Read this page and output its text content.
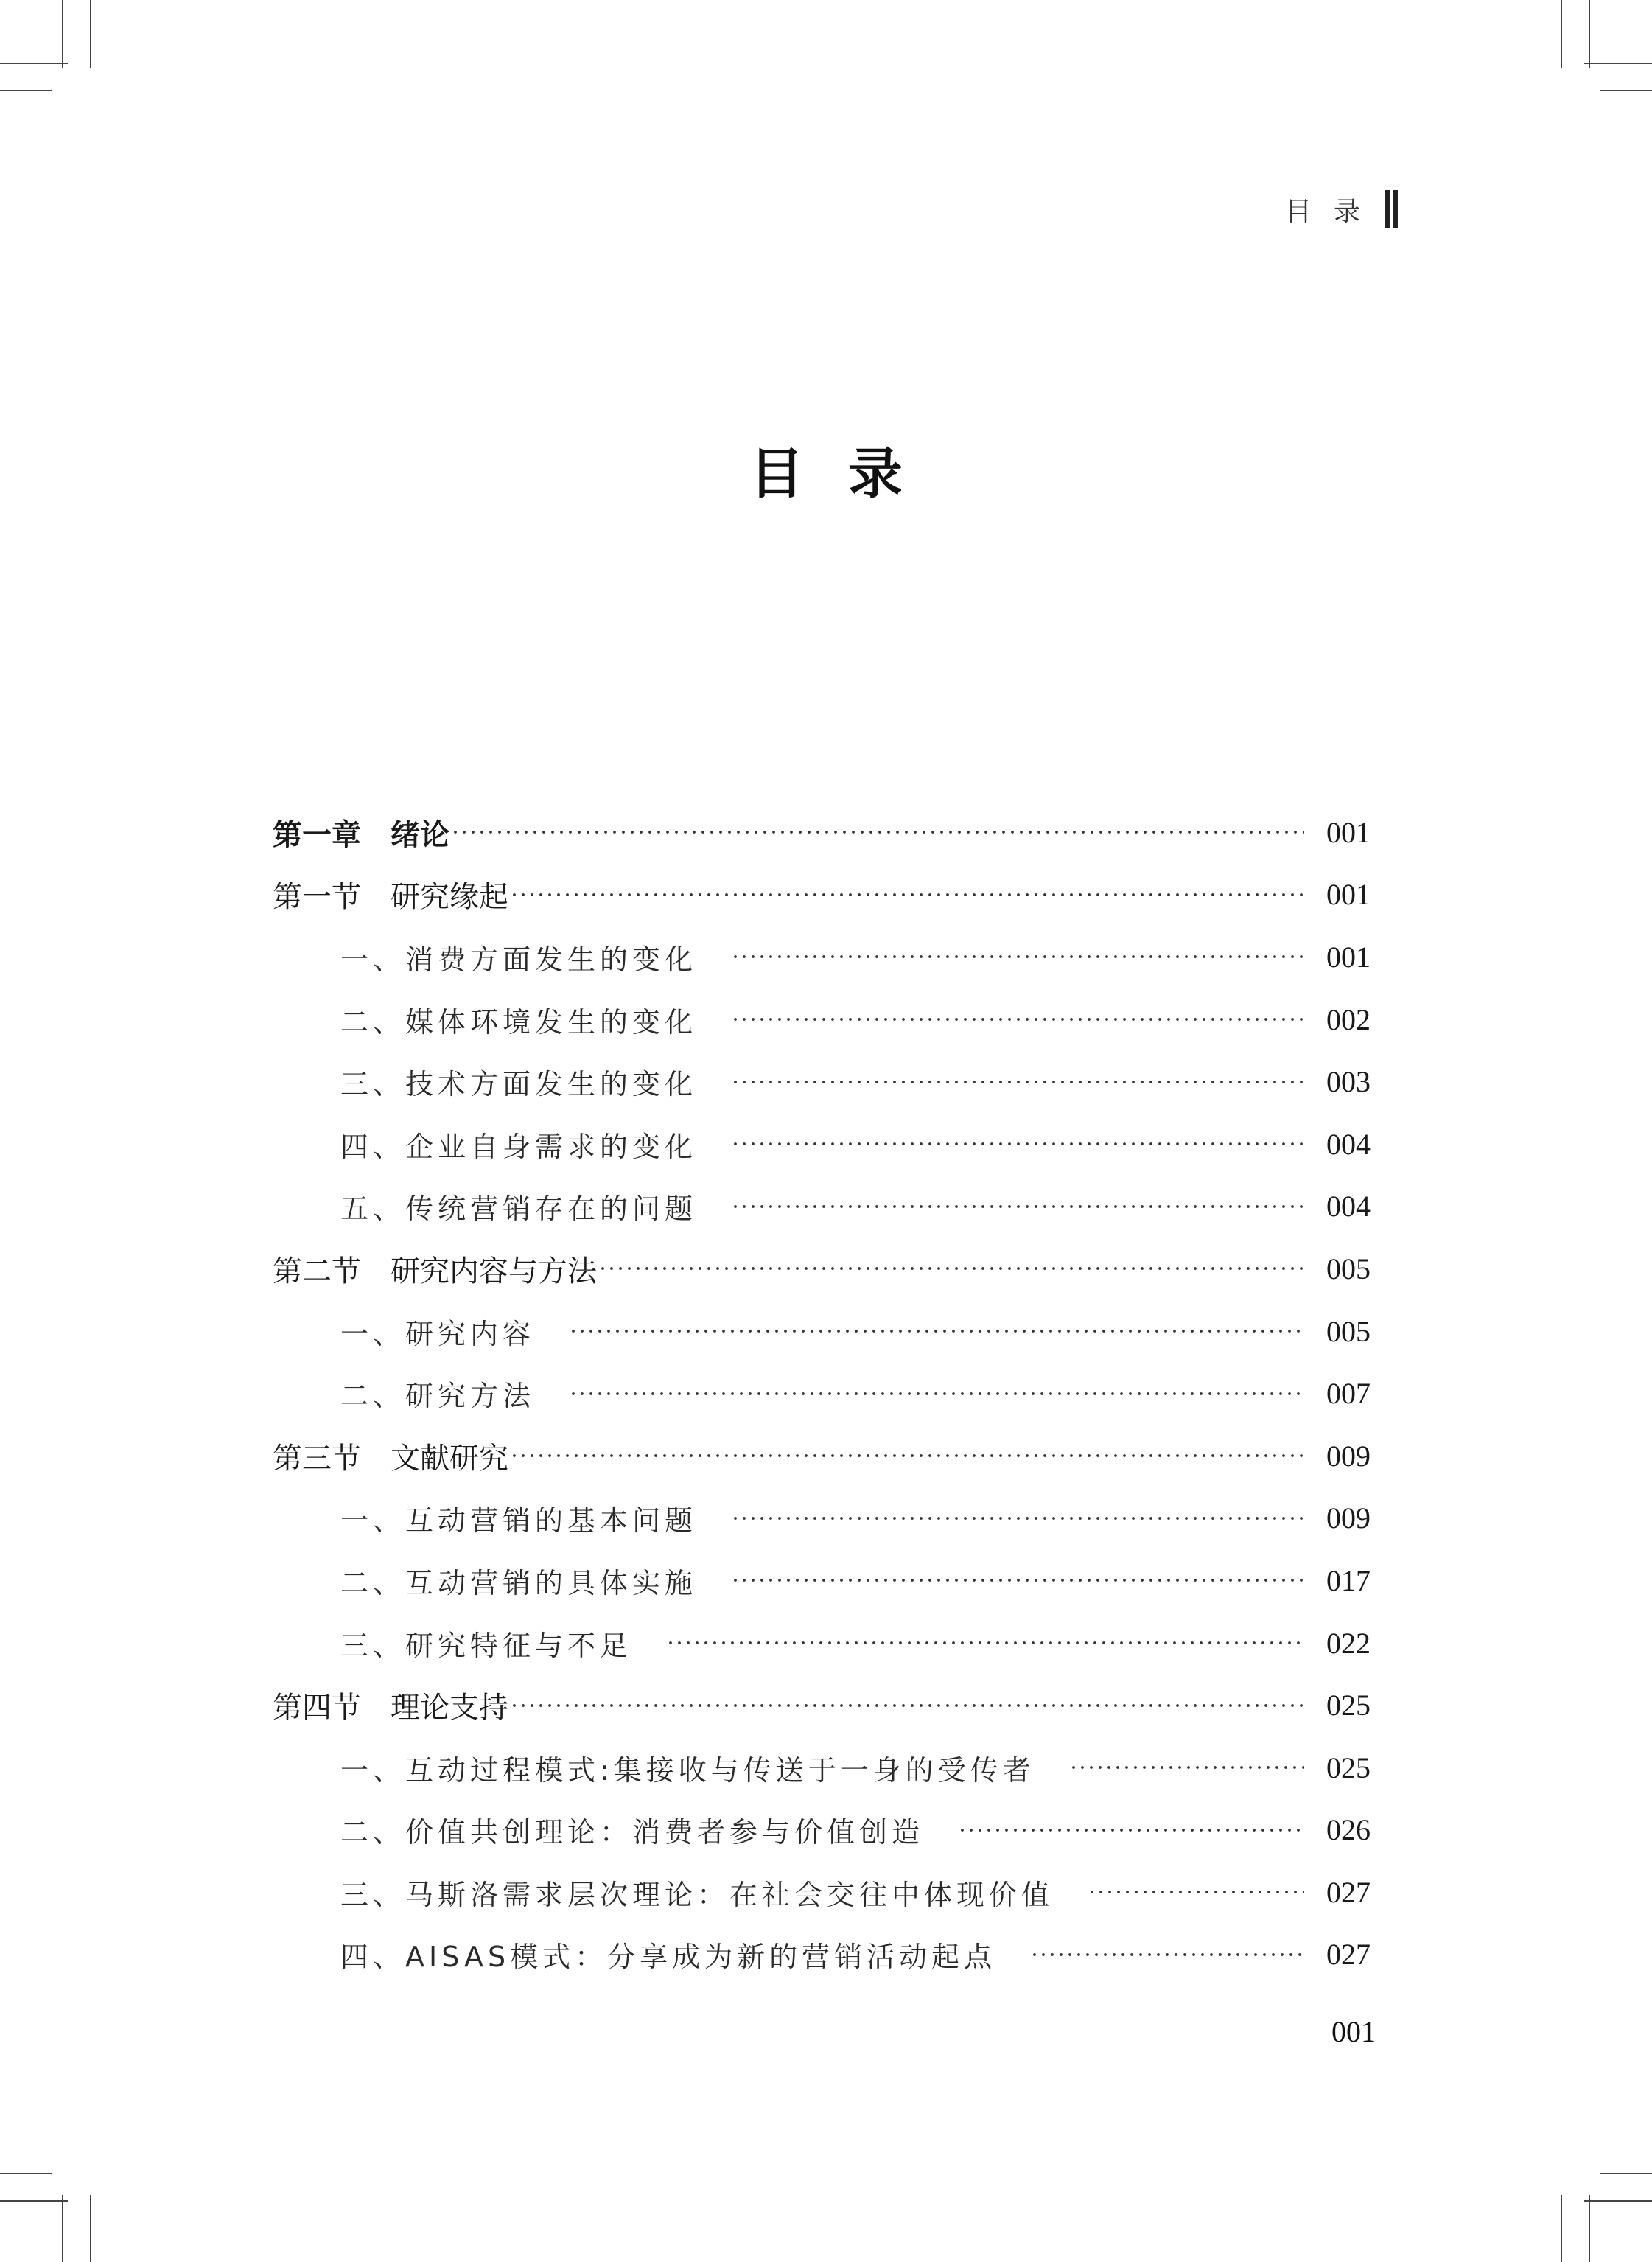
目录
目录
第一章　绪论	001
第一节　研究缘起	001
一、消费方面发生的变化	001
二、媒体环境发生的变化	002
三、技术方面发生的变化	003
四、企业自身需求的变化	004
五、传统营销存在的问题	004
第二节　研究内容与方法	005
一、研究内容	005
二、研究方法	007
第三节　文献研究	009
一、互动营销的基本问题	009
二、互动营销的具体实施	017
三、研究特征与不足	022
第四节　理论支持	025
一、互动过程模式:集接收与传送于一身的受传者	025
二、价值共创理论：消费者参与价值创造	026
三、马斯洛需求层次理论：在社会交往中体现价值	027
四、AISAS模式：分享成为新的营销活动起点	027
001
